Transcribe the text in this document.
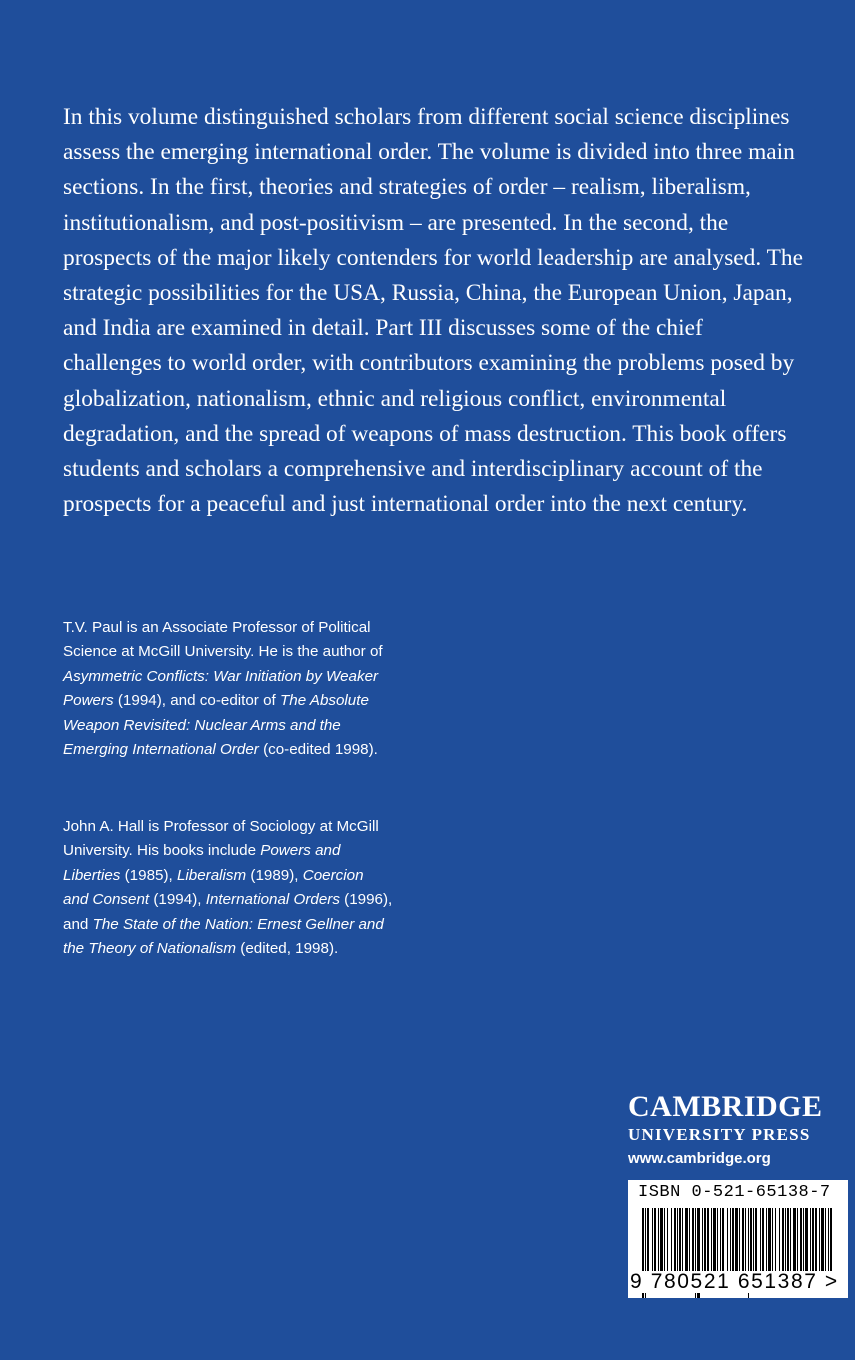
In this volume distinguished scholars from different social science disciplines assess the emerging international order. The volume is divided into three main sections. In the first, theories and strategies of order – realism, liberalism, institutionalism, and post-positivism – are presented. In the second, the prospects of the major likely contenders for world leadership are analysed. The strategic possibilities for the USA, Russia, China, the European Union, Japan, and India are examined in detail. Part III discusses some of the chief challenges to world order, with contributors examining the problems posed by globalization, nationalism, ethnic and religious conflict, environmental degradation, and the spread of weapons of mass destruction. This book offers students and scholars a comprehensive and interdisciplinary account of the prospects for a peaceful and just international order into the next century.

T.V. Paul is an Associate Professor of Political Science at McGill University. He is the author of Asymmetric Conflicts: War Initiation by Weaker Powers (1994), and co-editor of The Absolute Weapon Revisited: Nuclear Arms and the Emerging International Order (co-edited 1998).

John A. Hall is Professor of Sociology at McGill University. His books include Powers and Liberties (1985), Liberalism (1989), Coercion and Consent (1994), International Orders (1996), and The State of the Nation: Ernest Gellner and the Theory of Nationalism (edited, 1998).

CAMBRIDGE
UNIVERSITY PRESS
www.cambridge.org
ISBN 0-521-65138-7
9 780521 651387 >
